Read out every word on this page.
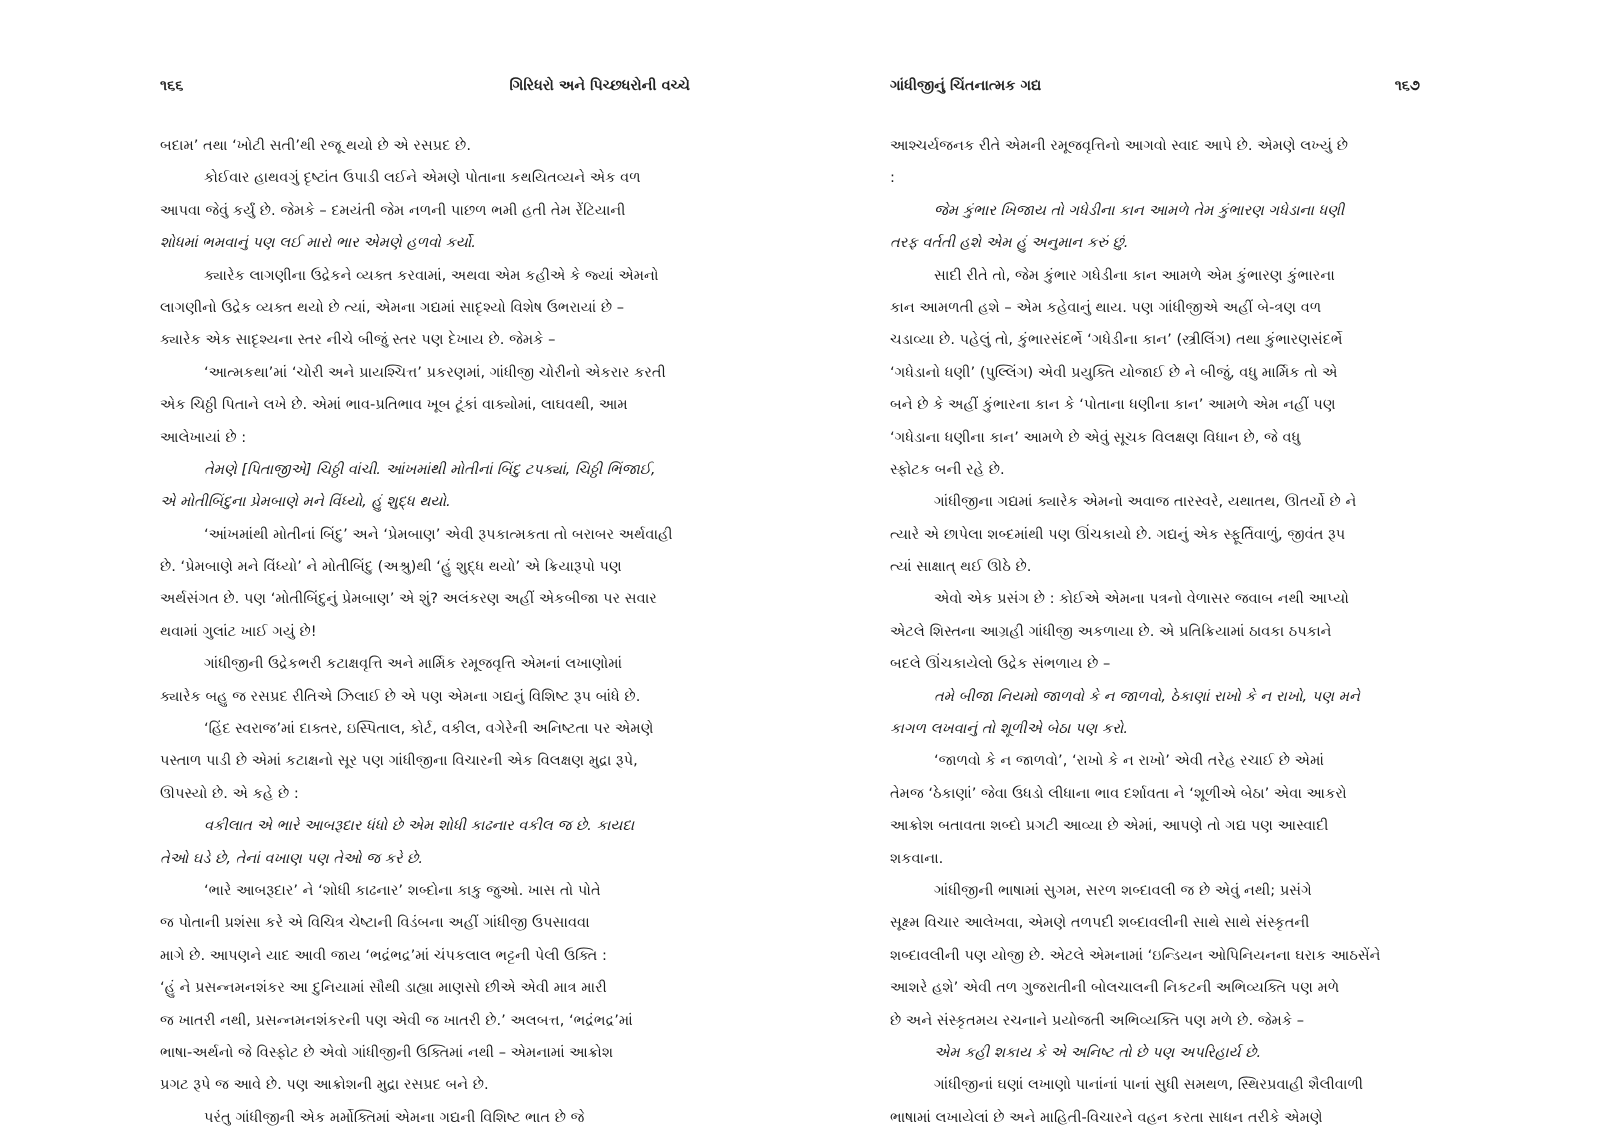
૧૬૬	ગિરિધરો અને પિચ્છધરોની વચ્ચે
બદામ’ તથા ‘ખોટી સતી’થી રજૂ થયો છે એ રસપ્રદ છે.
કોઈવાર હાથવગું દૃષ્ટાંત ઉપાડી લઈને એમણે પોતાના કથયિતવ્યને એક વળ
આપવા જેવું કર્યું છે. જેમકે – દમયંતી જેમ નળની પાછળ ભમી હતી તેમ રેંટિયાની
શોધમાં ભમવાનું પણ લઈ મારો ભાર એમણે હળવો કર્યો.
ક્યારેક લાગણીના ઉદ્રેકને વ્યક્ત કરવામાં, અથવા એમ કહીએ કે જ્યાં એમનો
લાગણીનો ઉદ્રેક વ્યક્ત થયો છે ત્યાં, એમના ગદ્યમાં સાદૃશ્યો વિશેષ ઉભરાયાં છે –
ક્યારેક એક સાદૃશ્યના સ્તર નીચે બીજું સ્તર પણ દેખાય છે. જેમકે –
‘આત્મકથા’માં ‘ચોરી અને પ્રાયશ્ચિત્ત’ પ્રકરણમાં, ગાંધીજી ચોરીનો એકરાર કરતી
એક ચિઠ્ઠી પિતાને લખે છે. એમાં ભાવ-પ્રતિભાવ ખૂબ ટૂંકાં વાક્યોમાં, લાઘવથી, આમ
આલેખાયાં છે :
તેમણે [પિતાજીએ] ચિઠ્ઠી વાંચી. આંખમાંથી મોતીનાં બિંદુ ટપક્યાં, ચિઠ્ઠી ભિંજાઈ,
એ મોતીબિંદુના પ્રેમબાણે મને વિંધ્યો, હું શુદ્ધ થયો.
‘આંખમાંથી મોતીનાં બિંદુ’ અને ‘પ્રેમબાણ’ એવી રૂપકાત્મકતા તો બરાબર અર્થવાહી
છે. ‘પ્રેમબાણે મને વિંધ્યો’ ને મોતીબિંદુ (અશ્રુ)થી ‘હું શુદ્ધ થયો’ એ ક્રિયારૂપો પણ
અર્થસંગત છે. પણ ‘મોતીબિંદુનું પ્રેમબાણ’ એ શું? અલંકરણ અહીં એકબીજા પર સવાર
થવામાં ગુલાંટ ખાઈ ગયું છે!
ગાંધીજીની ઉદ્રેકભરી કટાક્ષવૃત્તિ અને માર્મિક રમૂજવૃત્તિ એમનાં લખાણોમાં
ક્યારેક બહુ જ રસપ્રદ રીતિએ ઝિલાઈ છે એ પણ એમના ગદ્યનું વિશિષ્ટ રૂપ બાંધે છે.
‘હિંદ સ્વરાજ’માં દાક્તર, ઇસ્પિતાલ, કોર્ટ, વકીલ, વગેરેની અનિષ્ટતા પર એમણે
પસ્તાળ પાડી છે એમાં કટાક્ષનો સૂર પણ ગાંધીજીના વિચારની એક વિલક્ષણ મુદ્રા રૂપે,
ઊપસ્યો છે. એ કહે છે :
વકીલાત એ ભારે આબરૂદાર ધંધો છે એમ શોધી કાઢનાર વકીલ જ છે. કાયદા
તેઓ ઘડે છે, તેનાં વખાણ પણ તેઓ જ કરે છે.
‘ભારે આબરૂદાર’ ને ‘શોધી કાઢનાર’ શબ્દોના કાકુ જુઓ. ખાસ તો પોતે
જ પોતાની પ્રશંસા કરે એ વિચિત્ર ચેષ્ટાની વિડંબના અહીં ગાંધીજી ઉપસાવવા
માગે છે. આપણને યાદ આવી જાય ‘ભદ્રંભદ્ર’માં ચંપકલાલ ભટ્ટની પેલી ઉક્તિ :
‘હું ને પ્રસન્નમનશંકર આ દુનિયામાં સૌથી ડાહ્યા માણસો છીએ એવી માત્ર મારી
જ ખાતરી નથી, પ્રસન્નમનશંકરની પણ એવી જ ખાતરી છે.’ અલબત્ત, ‘ભદ્રંભદ્ર’માં
ભાષા-અર્થનો જે વિસ્ફોટ છે એવો ગાંધીજીની ઉક્તિમાં નથી – એમનામાં આક્રોશ
પ્રગટ રૂપે જ આવે છે. પણ આક્રોશની મુદ્રા રસપ્રદ બને છે.
પરંતુ ગાંધીજીની એક મર્મોક્તિમાં એમના ગદ્યની વિશિષ્ટ ભાત છે જે
ગાંધીજીનું ચિંતનાત્મક ગદ્ય	૧૬૭
આશ્ચર્યજનક રીતે એમની રમૂજવૃત્તિનો આગવો સ્વાદ આપે છે. એમણે લખ્યું છે
:
જેમ કુંભાર ખિજાય તો ગધેડીના કાન આમળે તેમ કુંભારણ ગધેડાના ધણી
તરફ વર્તતી હશે એમ હું અનુમાન કરું છું.
સાદી રીતે તો, જેમ કુંભાર ગધેડીના કાન આમળે એમ કુંભારણ કુંભારના
કાન આમળતી હશે – એમ કહેવાનું થાય. પણ ગાંધીજીએ અહીં બે-ત્રણ વળ
ચડાવ્યા છે. પહેલું તો, કુંભારસંદર્ભે ‘ગધેડીના કાન’ (સ્ત્રીલિંગ) તથા કુંભારણસંદર્ભે
‘ગધેડાનો ધણી’ (પુલ્લિંગ) એવી પ્રયુક્તિ યોજાઈ છે ને બીજું, વધુ માર્મિક તો એ
બને છે કે અહીં કુંભારના કાન કે ‘પોતાના ધણીના કાન’ આમળે એમ નહીં પણ
‘ગધેડાના ધણીના કાન’ આમળે છે એવું સૂચક વિલક્ષણ વિધાન છે, જે વધુ
સ્ફોટક બની રહે છે.
ગાંધીજીના ગદ્યમાં ક્યારેક એમનો અવાજ તારસ્વરે, યથાતથ, ઊતર્યો છે ને
ત્યારે એ છાપેલા શબ્દમાંથી પણ ઊંચકાયો છે. ગદ્યનું એક સ્ફૂર્તિવાળું, જીવંત રૂપ
ત્યાં સાક્ષાત્ થઈ ઊઠે છે.
એવો એક પ્રસંગ છે : કોઈએ એમના પત્રનો વેળાસર જવાબ નથી આપ્યો
એટલે શિસ્તના આગ્રહી ગાંધીજી અકળાયા છે. એ પ્રતિક્રિયામાં ઠાવકા ઠપકાને
બદલે ઊંચકાયેલો ઉદ્રેક સંભળાય છે –
તમે બીજા નિયમો જાળવો કે ન જાળવો, ઠેકાણાં રાખો કે ન રાખો, પણ મને
કાગળ લખવાનું તો શૂળીએ બેઠા પણ કરો.
‘જાળવો કે ન જાળવો’, ‘રાખો કે ન રાખો’ એવી તરેહ રચાઈ છે એમાં
તેમજ ‘ઠેકાણાં’ જેવા ઉધડો લીધાના ભાવ દર્શાવતા ને ‘શૂળીએ બેઠા’ એવા આકરો
આક્રોશ બતાવતા શબ્દો પ્રગટી આવ્યા છે એમાં, આપણે તો ગદ્ય પણ આસ્વાદી
શકવાના.
ગાંધીજીની ભાષામાં સુગમ, સરળ શબ્દાવલી જ છે એવું નથી; પ્રસંગે
સૂક્ષ્મ વિચાર આલેખવા, એમણે તળપદી શબ્દાવલીની સાથે સાથે સંસ્કૃતની
શબ્દાવલીની પણ યોજી છે. એટલે એમનામાં ‘ઇન્ડિયન ઓપિનિયનના ઘરાક આઠસેંને
આશરે હશે’ એવી તળ ગુજરાતીની બોલચાલની નિકટની અભિવ્યક્તિ પણ મળે
છે અને સંસ્કૃતમય રચનાને પ્રયોજતી અભિવ્યક્તિ પણ મળે છે. જેમકે –
એમ કહી શકાય કે એ અનિષ્ટ તો છે પણ અપરિહાર્ય છે.
ગાંધીજીનાં ઘણાં લખાણો પાનાંનાં પાનાં સુધી સમથળ, સ્થિરપ્રવાહી શૈલીવાળી
ભાષામાં લખાયેલાં છે અને માહિતી-વિચારને વહન કરતા સાધન તરીકે એમણે
